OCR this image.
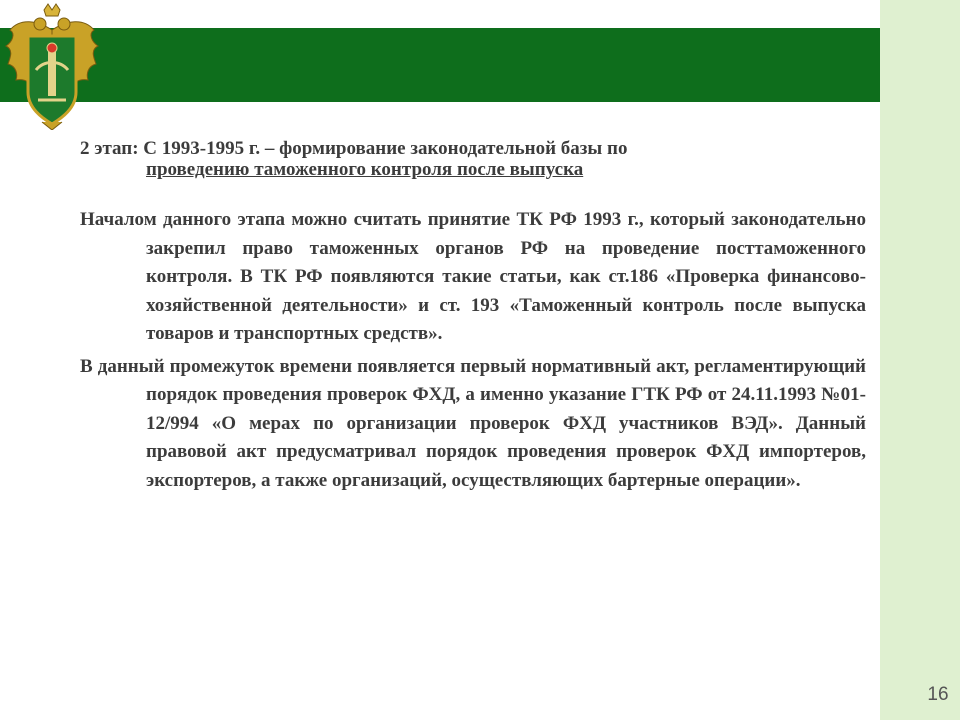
2 этап: С 1993-1995 г. – формирование законодательной базы по
проведению таможенного контроля после выпуска

Началом данного этапа можно считать принятие ТК РФ 1993 г., который законодательно закрепил право таможенных органов РФ на проведение посттаможенного контроля. В ТК РФ появляются такие статьи, как ст.186 «Проверка финансово-хозяйственной деятельности» и ст. 193 «Таможенный контроль после выпуска товаров и транспортных средств».

В данный промежуток времени появляется первый нормативный акт, регламентирующий порядок проведения проверок ФХД, а именно указание ГТК РФ от 24.11.1993 №01-12/994 «О мерах по организации проверок ФХД участников ВЭД». Данный правовой акт предусматривал порядок проведения проверок ФХД импортеров, экспортеров, а также организаций, осуществляющих бартерные операции».

16
